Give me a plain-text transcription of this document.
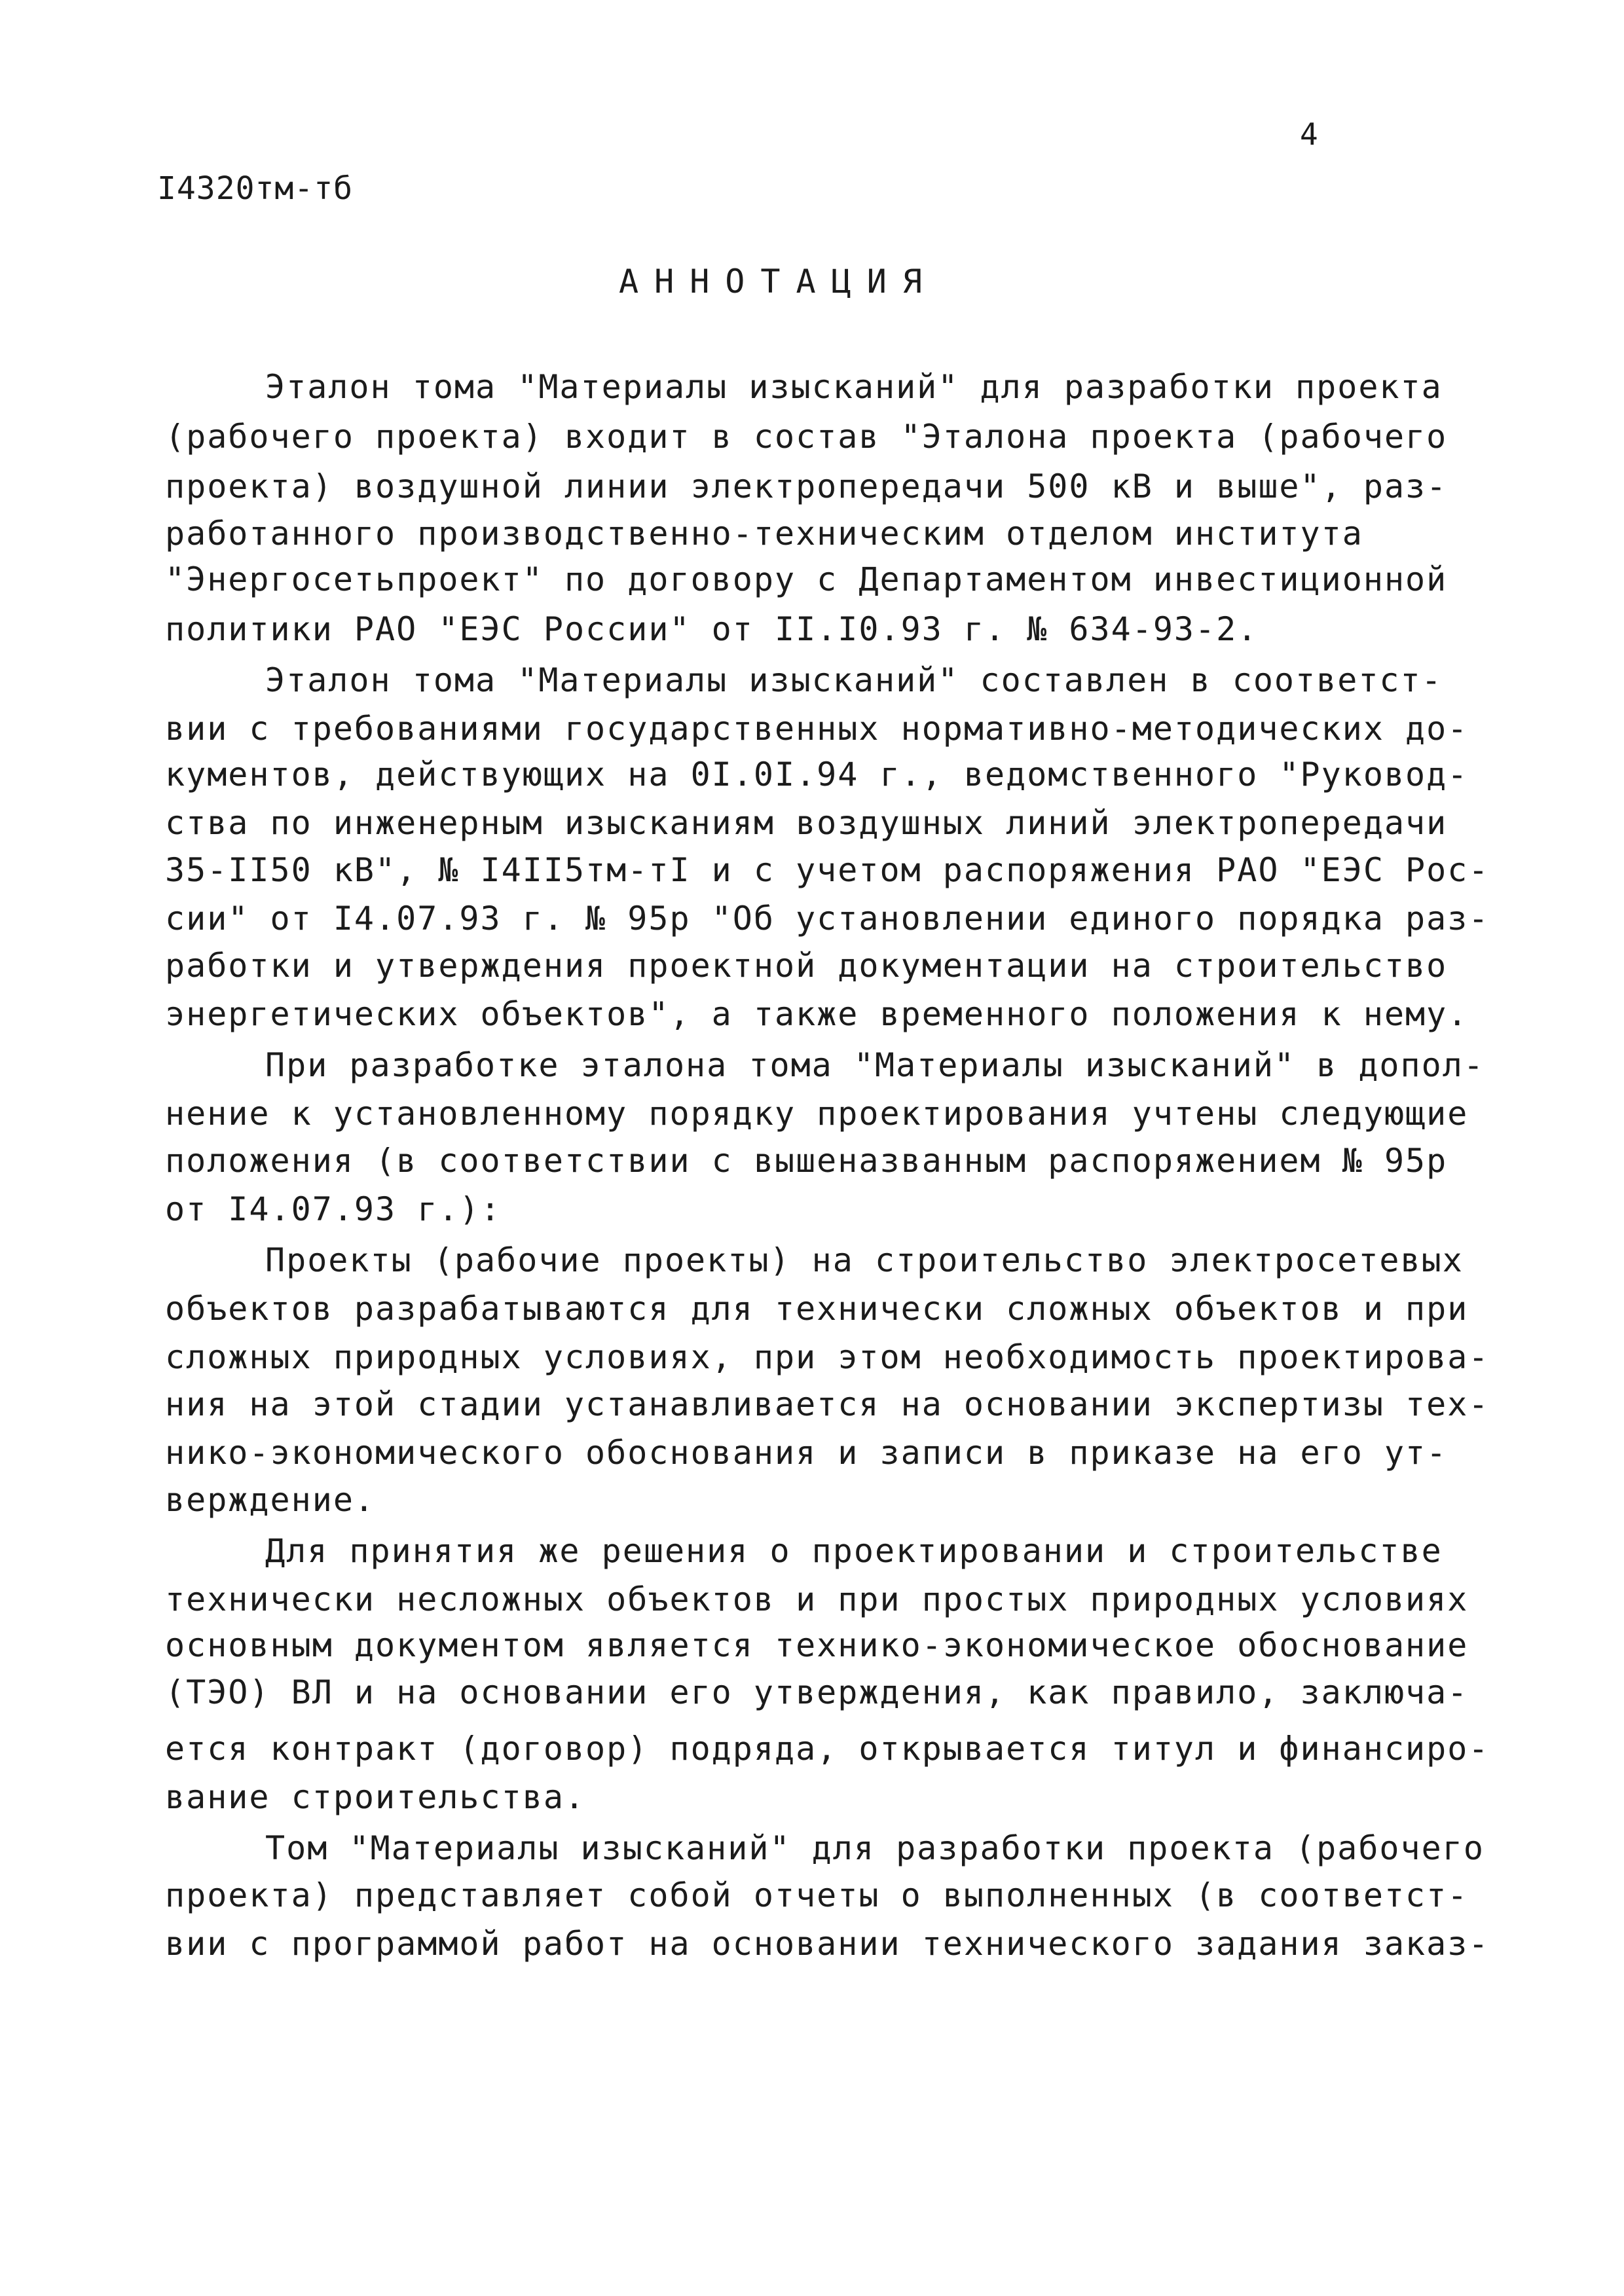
4
I4320тм-тб
АННОТАЦИЯ
Эталон тома "Материалы изысканий" для разработки проекта
(рабочего проекта) входит в состав "Эталона проекта (рабочего
проекта) воздушной линии электропередачи 500 кВ и выше", раз-
работанного производственно-техническим отделом института
"Энергосетьпроект" по договору с Департаментом инвестиционной
политики РАО "ЕЭС России" от II.I0.93 г. № 634-93-2.
Эталон тома "Материалы изысканий" составлен в соответст-
вии с требованиями государственных нормативно-методических до-
кументов, действующих на 0I.0I.94 г., ведомственного "Руковод-
ства по инженерным изысканиям воздушных линий электропередачи
35-II50 кВ", № I4II5тм-тI и с учетом распоряжения РАО "ЕЭС Рос-
сии" от I4.07.93 г. № 95р "Об установлении единого порядка раз-
работки и утверждения проектной документации на строительство
энергетических объектов", а также временного положения к нему.
При разработке эталона тома "Материалы изысканий" в допол-
нение к установленному порядку проектирования учтены следующие
положения (в соответствии с вышеназванным распоряжением № 95р
от I4.07.93 г.):
Проекты (рабочие проекты) на строительство электросетевых
объектов разрабатываются для технически сложных объектов и при
сложных природных условиях, при этом необходимость проектирова-
ния на этой стадии устанавливается на основании экспертизы тех-
нико-экономического обоснования и записи в приказе на его ут-
верждение.
Для принятия же решения о проектировании и строительстве
технически несложных объектов и при простых природных условиях
основным документом является технико-экономическое обоснование
(ТЭО) ВЛ и на основании его утверждения, как правило, заключа-
ется контракт (договор) подряда, открывается титул и финансиро-
вание строительства.
Том "Материалы изысканий" для разработки проекта (рабочего
проекта) представляет собой отчеты о выполненных (в соответст-
вии с программой работ на основании технического задания заказ-
